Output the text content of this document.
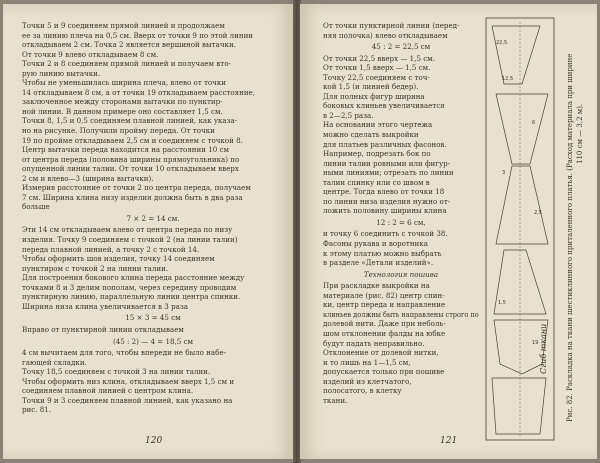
Точки 5 и 9 соединяем прямой линией и продолжаем

ее за линию плеча на 0,5 см. Вверх от точки 9 по этой линии

откладываем 2 см. Точка 2 является вершиной вытачки.

От точки 9 влево откладываем 8 см.

Точки 2 и 8 соединяем прямой линией и получаем вто-

рую линию вытачки.

Чтобы не уменьшилась ширина плеча, влево от точки

14 откладываем 8 см, а от точки 19 откладываем расстояние,

заключенное между сторонами вытачки по пунктир-

ной линии. В данном примере оно составляет 1,5 см.

Точки 8, 1,5 и 0,5 соединяем плавной линией, как указа-

но на рисунке. Получили пройму переда. От точки

19 по пройме откладываем 2,5 см и соединяем с точкой 8.

Центр вытачки переда находится на расстоянии 10 см

от центра переда (половина ширины прямоугольника) по

опущенной линии талии. От точки 10 откладываем вверх

2 см и влево—3 (ширина вытачки).

Измерив расстояние от точки 2 по центра переда, получаем

7 см. Ширина клина низу изделия должна быть в два раза

больше

7 × 2 = 14 см.

Эти 14 см откладываем влево от центра переда по низу

изделия. Точку 9 соединяем с точкой 2 (на линии талии)

переда плавной линией, а точку 2 с точкой 14.

Чтобы оформить шов изделия, точку 14 соединяем

пунктиром с точкой 2 на линии талии.

Для построения бокового клина переда расстояние между

точками 8 и 3 делим пополам, через середину проводим

пунктирную линию, параллельную линии центра спинки.

Ширина низа клина увеличивается в 3 раза

15 × 3 = 45 см

Вправо от пунктирной линии откладываем

(45 : 2) — 4 = 18,5 см

4 см вычитаем для того, чтобы впереди не было набе-

гающей складки.

Точку 18,5 соединяем с точкой 3 на линии талии.

Чтобы оформить низ клина, откладываем вверх 1,5 см и

соединяем плавной линией с центром клина.

Точки 9 и 3 соединяем плавной линией, как указано на

рис. 81.

120

От точки пунктирной линии (перед-

няя полочка) влево откладываем

45 : 2 = 22,5 см

От точки 22,5 вверх — 1,5 см.

От точки 1,5 вверх — 1,5 см.

Точку 22,5 соединяем с точ-

кой 1,5 (и линией бедер).

Для полных фигур ширина

боковых клиньев увеличивается

в 2—2,5 раза.

На основании этого чертежа

можно сделать выкройки

для платьев различных фасонов.

Например, подрезать бок по

линии талии ровными или фигур-

ными линиями; отрезать по линии

талии спинку или со швом в

центре. Тогда влево от точки 18

по линии низа изделия нужно от-

ложить половину ширины клина

12 : 2 = 6 см,

и точку 6 соединить с точкой 38.

Фасоны рукава и воротника

к этому платью можно выбрать

в разделе «Детали изделий».

Технология пошива

При раскладке выкройки на

материале (рис. 82) центр спин-

ки, центр переда и направление

клиньев должны быть направлены строго по

долевой нити. Даже при неболь-

шом отклонении фалды на юбке

будут падать неправильно.

Отклонение от долевой нитки,

и то лишь на 1—1,5 см,

допускается только при пошиве

изделий из клетчатого,

полосатого, в клетку

ткани.

Сгиб ткани
22,5
12,5
6
3
2,5
1,5
19	Рис. 82. Раскладка на ткани шестиклинного приталенного платья. (Расход материала при ширине 110 см — 3,2 м).
121
